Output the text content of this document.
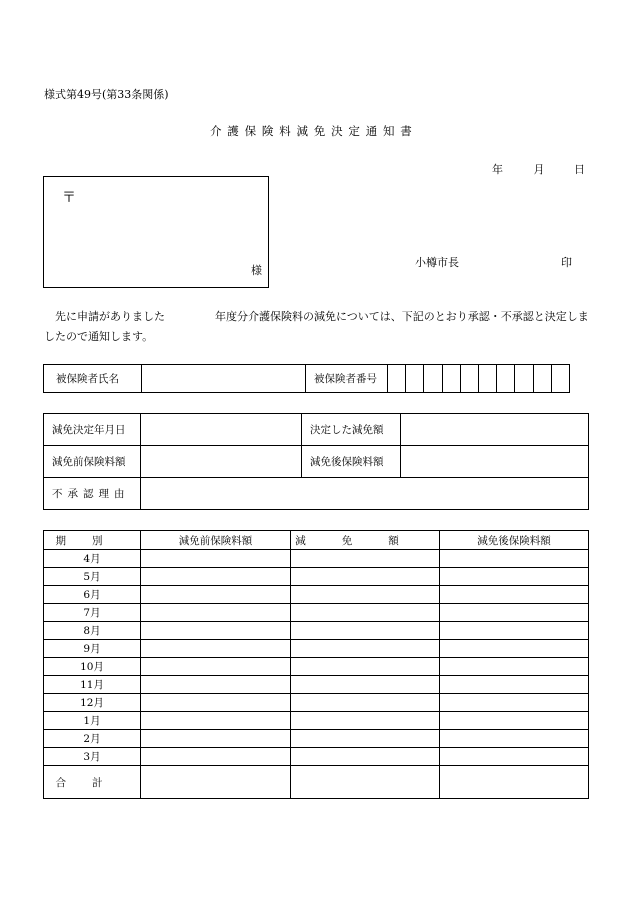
様式第49号(第33条関係)
介護保険料減免決定通知書
年	月	日
〒
様
小樽市長	印
先に申請がありました	年度分介護保険料の減免については、下記のとおり承認・不承認と決定しましたので通知します。
被保険者氏名		被保険者番号										
減免決定年月日		決定した減免額	
減免前保険料額		減免後保険料額	
不承認理由			
期別	減免前保険料額	減免額	減免後保険料額
4月			
5月			
6月			
7月			
8月			
9月			
10月			
11月			
12月			
1月			
2月			
3月			
合計			
